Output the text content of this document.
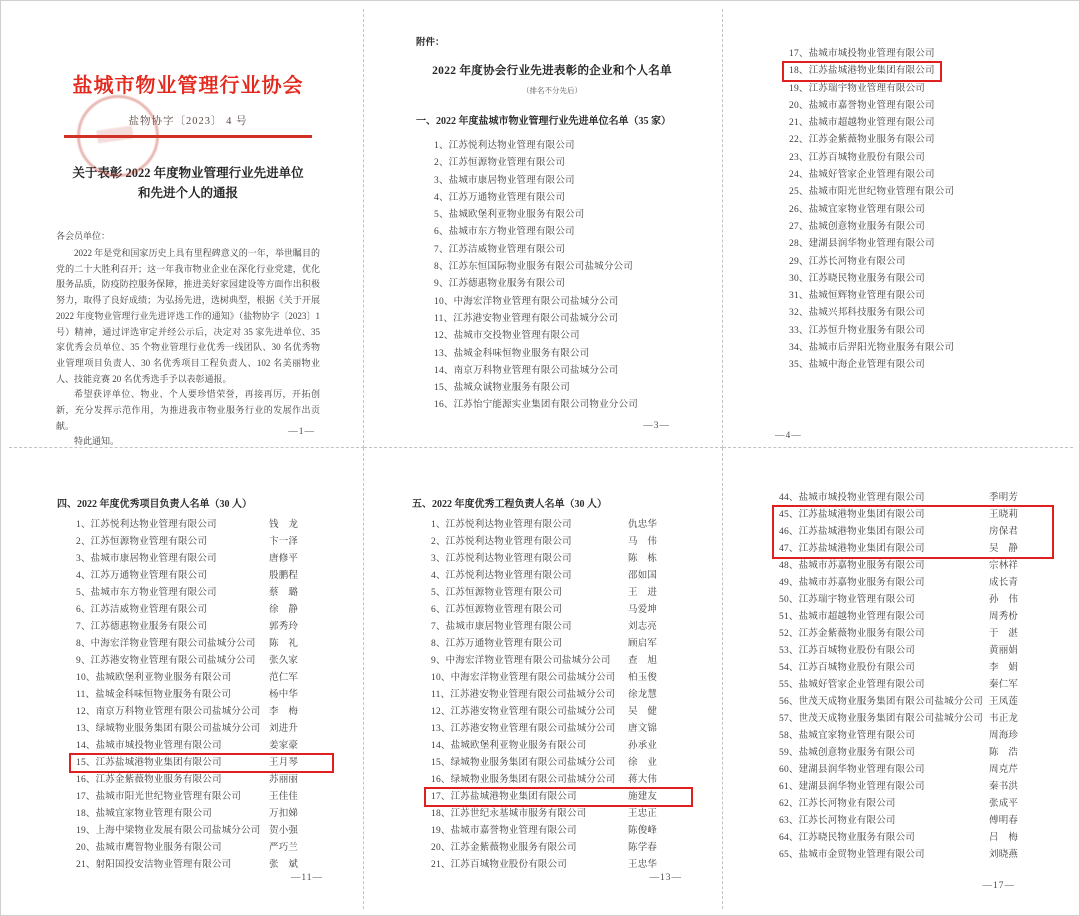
盐城市物业管理行业协会
盐物协字〔2023〕 4 号
关于表彰 2022 年度物业管理行业先进单位
和先进个人的通报
各会员单位：

2022 年是党和国家历史上具有里程碑意义的一年，举世瞩目的党的二十大胜利召开；这一年我市物业企业在深化行业党建，优化服务品质，防疫防控服务保障，推进美好家园建设等方面作出积极努力，取得了良好成绩；为弘扬先进，选树典型，根据《关于开展 2022 年度物业管理行业先进评选工作的通知》（盐物协字〔2023〕1 号）精神，通过评选审定并经公示后，决定对 35 家先进单位、35 家优秀会员单位、35 个物业管理行业优秀一线团队、30 名优秀物业管理项目负责人、30 名优秀项目工程负责人、102 名美丽物业人、技能竞赛 20 名优秀选手予以表彰通报。

希望获评单位、物业、个人要珍惜荣誉，再接再厉，开拓创新，充分发挥示范作用，为推进我市物业服务行业的发展作出贡献。

特此通知。

—1—
附件：
2022 年度协会行业先进表彰的企业和个人名单
（排名不分先后）
一、2022 年度盐城市物业管理行业先进单位名单（35 家）
1、 江苏悦利达物业管理有限公司
2、 江苏恒源物业管理有限公司
3、 盐城市康居物业管理有限公司
4、 江苏万通物业管理有限公司
5、 盐城欧堡利亚物业服务有限公司
6、 盐城市东方物业管理有限公司
7、 江苏洁威物业管理有限公司
8、 江苏东恒国际物业服务有限公司盐城分公司
9、 江苏德惠物业服务有限公司
10、 中海宏洋物业管理有限公司盐城分公司
11、 江苏港安物业管理有限公司盐城分公司
12、 盐城市交投物业管理有限公司
13、 盐城金科味恒物业服务有限公司
14、 南京万科物业管理有限公司盐城分公司
15、 盐城众诚物业服务有限公司
16、 江苏怡宁能源实业集团有限公司物业分公司
—3—
17、 盐城市城投物业管理有限公司
18、 江苏盐城港物业集团有限公司
19、 江苏瑞宇物业管理有限公司
20、 盐城市嘉誉物业管理有限公司
21、 盐城市超越物业管理有限公司
22、 江苏金紫薇物业服务有限公司
23、 江苏百城物业股份有限公司
24、 盐城好管家企业管理有限公司
25、 盐城市阳光世纪物业管理有限公司
26、 盐城宜家物业管理有限公司
27、 盐城创意物业服务有限公司
28、 建湖县润华物业管理有限公司
29、 江苏长河物业有限公司
30、 江苏晓民物业服务有限公司
31、 盐城恒辉物业管理有限公司
32、 盐城兴邦科技服务有限公司
33、 江苏恒升物业服务有限公司
34、 盐城市后羿阳光物业服务有限公司
35、 盐城中海企业管理有限公司
—4—
四、2022 年度优秀项目负责人名单（30 人）
1、 江苏悦利达物业管理有限公司	钱　龙
2、 江苏恒源物业管理有限公司	卞一泽
3、 盐城市康居物业管理有限公司	唐修平
4、 江苏万通物业管理有限公司	殷鹏程
5、 盐城市东方物业管理有限公司	蔡　璐
6、 江苏洁威物业管理有限公司	徐　静
7、 江苏德惠物业服务有限公司	郭秀玲
8、 中海宏洋物业管理有限公司盐城分公司 陈　礼
9、 江苏港安物业管理有限公司盐城分公司 张久家
10、 盐城欧堡利亚物业服务有限公司	范仁军
11、 盐城金科味恒物业服务有限公司	杨中华
12、 南京万科物业管理有限公司盐城分公司 李　梅
13、 绿城物业服务集团有限公司盐城分公司 刘进升
14、 盐城市城投物业管理有限公司	姜家豪
15、 江苏盐城港物业集团有限公司	王月琴
16、 江苏金紫薇物业服务有限公司	苏丽丽
17、 盐城市阳光世纪物业管理有限公司	王佳佳
18、 盐城宜家物业管理有限公司	万扣娣
19、 上海中梁物业发展有限公司盐城分公司 贺小强
20、 盐城市鹰智物业服务有限公司	严巧兰
21、 射阳国投安洁物业管理有限公司	张　斌
—11—
五、2022 年度优秀工程负责人名单（30 人）
1、 江苏悦利达物业管理有限公司	仇忠华
2、 江苏悦利达物业管理有限公司	马　伟
3、 江苏悦利达物业管理有限公司	陈　栋
4、 江苏悦利达物业管理有限公司	邵如国
5、 江苏恒源物业管理有限公司	王　进
6、 江苏恒源物业管理有限公司	马爱坤
7、 盐城市康居物业管理有限公司	刘志亮
8、 江苏万通物业管理有限公司	顾启军
9、 中海宏洋物业管理有限公司盐城分公司 查　旭
10、 中海宏洋物业管理有限公司盐城分公司 柏玉俊
11、 江苏港安物业管理有限公司盐城分公司 徐龙慧
12、 江苏港安物业管理有限公司盐城分公司 吴　健
13、 江苏港安物业管理有限公司盐城分公司 唐文锦
14、 盐城欧堡利亚物业服务有限公司	孙承业
15、 绿城物业服务集团有限公司盐城分公司 徐　业
16、 绿城物业服务集团有限公司盐城分公司 蒋大伟
17、 江苏盐城港物业集团有限公司	施建友
18、 江苏世纪永基城市服务有限公司	王忠正
19、 盐城市嘉誉物业管理有限公司	陈俊峰
20、 江苏金紫薇物业服务有限公司	陈学春
21、 江苏百城物业股份有限公司	王忠华
—13—
44、 盐城市城投物业管理有限公司	季明芳
45、 江苏盐城港物业集团有限公司	王晓莉
46、 江苏盐城港物业集团有限公司	房保君
47、 江苏盐城港物业集团有限公司	吴　静
48、 盐城市苏嘉物业服务有限公司	宗林祥
49、 盐城市苏嘉物业服务有限公司	成长青
50、 江苏瑞宇物业管理有限公司	孙　伟
51、 盐城市超越物业管理有限公司	周秀枌
52、 江苏金紫薇物业服务有限公司	于　湛
53、 江苏百城物业股份有限公司	黄丽娟
54、 江苏百城物业股份有限公司	李　娟
55、 盐城好管家企业管理有限公司	秦仁军
56、 世茂天成物业服务集团有限公司盐城分公司 王凤莲
57、 世茂天成物业服务集团有限公司盐城分公司 韦正龙
58、 盐城宜家物业管理有限公司	周海珍
59、 盐城创意物业服务有限公司	陈　浩
60、 建湖县润华物业管理有限公司	周克芹
61、 建湖县润华物业管理有限公司	秦书洪
62、 江苏长河物业有限公司	张成平
63、 江苏长河物业有限公司	傅明春
64、 江苏晓民物业服务有限公司	吕　梅
65、 盐城市金贸物业管理有限公司	刘晓燕
—17—
